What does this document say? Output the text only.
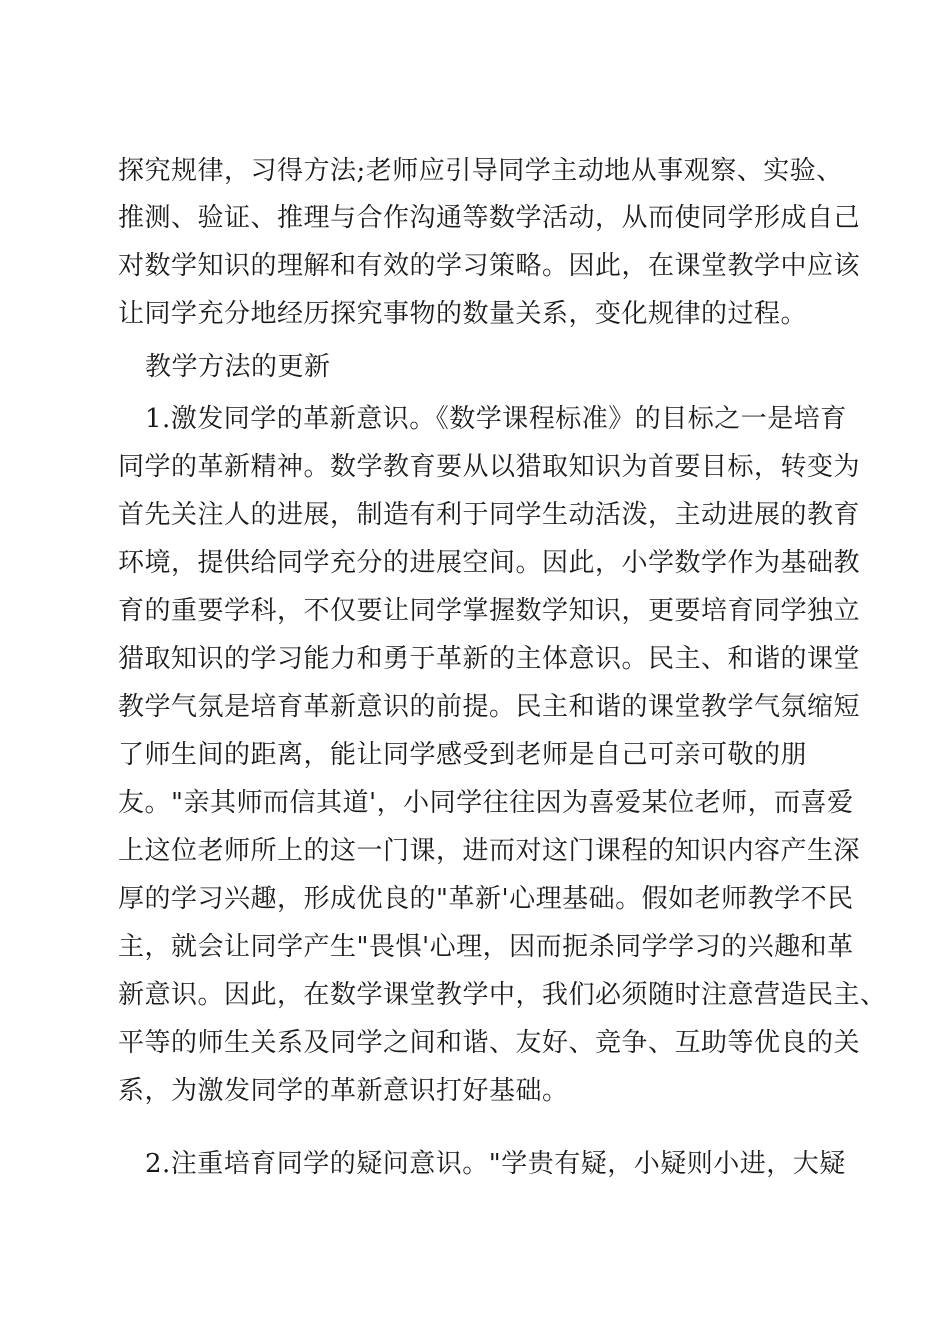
探究规律，习得方法;老师应引导同学主动地从事观察、实验、
推测、验证、推理与合作沟通等数学活动，从而使同学形成自己
对数学知识的理解和有效的学习策略。因此，在课堂教学中应该
让同学充分地经历探究事物的数量关系，变化规律的过程。
教学方法的更新
1.激发同学的革新意识。《数学课程标准》的目标之一是培育
同学的革新精神。数学教育要从以猎取知识为首要目标，转变为
首先关注人的进展，制造有利于同学生动活泼，主动进展的教育
环境，提供给同学充分的进展空间。因此，小学数学作为基础教
育的重要学科，不仅要让同学掌握数学知识，更要培育同学独立
猎取知识的学习能力和勇于革新的主体意识。民主、和谐的课堂
教学气氛是培育革新意识的前提。民主和谐的课堂教学气氛缩短
了师生间的距离，能让同学感受到老师是自己可亲可敬的朋
友。"亲其师而信其道'，小同学往往因为喜爱某位老师，而喜爱
上这位老师所上的这一门课，进而对这门课程的知识内容产生深
厚的学习兴趣，形成优良的"革新'心理基础。假如老师教学不民
主，就会让同学产生"畏惧'心理，因而扼杀同学学习的兴趣和革
新意识。因此，在数学课堂教学中，我们必须随时注意营造民主、
平等的师生关系及同学之间和谐、友好、竞争、互助等优良的关
系，为激发同学的革新意识打好基础。
2.注重培育同学的疑问意识。"学贵有疑，小疑则小进，大疑
